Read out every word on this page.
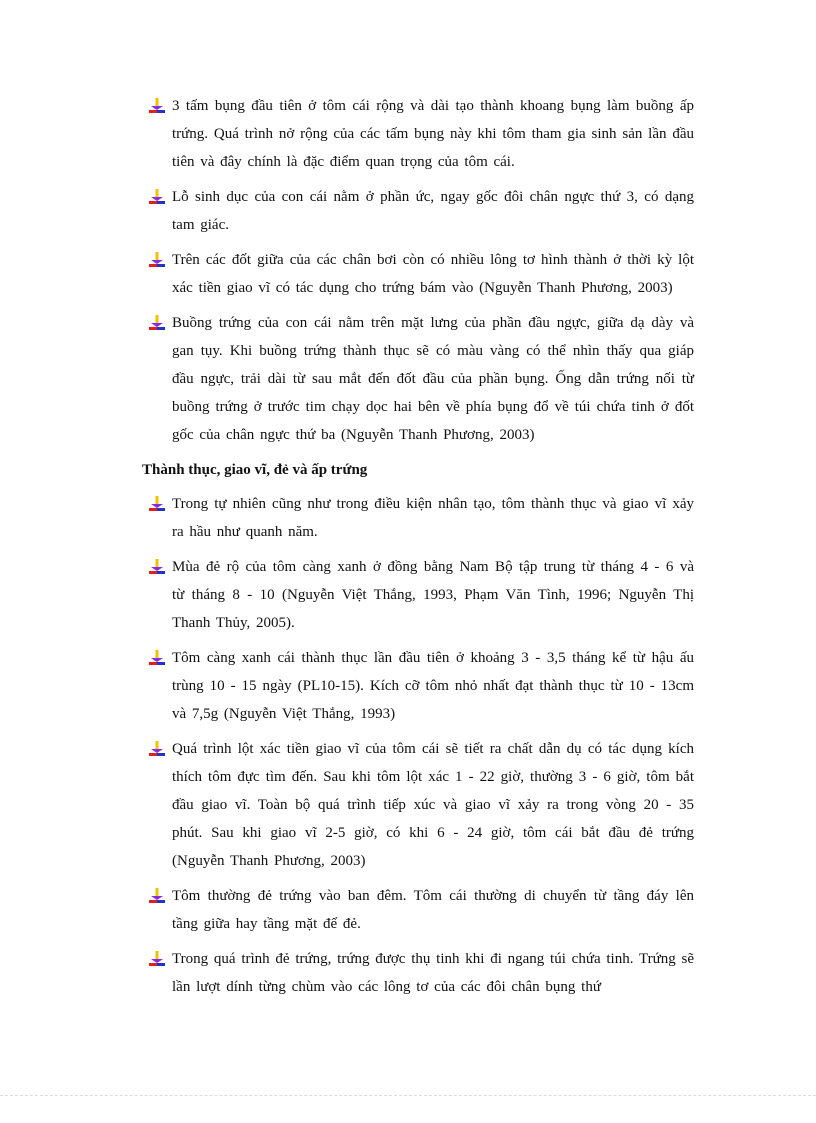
3 tấm bụng đầu tiên ở tôm cái rộng và dài tạo thành khoang bụng làm buồng ấp trứng. Quá trình nở rộng của các tấm bụng này khi tôm tham gia sinh sản lần đầu tiên và đây chính là đặc điểm quan trọng của tôm cái.
Lỗ sinh dục của con cái nằm ở phần ức, ngay gốc đôi chân ngực thứ 3, có dạng tam giác.
Trên các đốt giữa của các chân bơi còn có nhiều lông tơ hình thành ở thời kỳ lột xác tiền giao vĩ có tác dụng cho trứng bám vào (Nguyễn Thanh Phương, 2003)
Buồng trứng của con cái nằm trên mặt lưng của phần đầu ngực, giữa dạ dày và gan tụy. Khi buồng trứng thành thục sẽ có màu vàng có thể nhìn thấy qua giáp đầu ngực, trải dài từ sau mắt đến đốt đầu của phần bụng. Ống dẫn trứng nối từ buồng trứng ở trước tim chạy dọc hai bên về phía bụng đổ về túi chứa tinh ở đốt gốc của chân ngực thứ ba (Nguyễn Thanh Phương, 2003)
Thành thục, giao vĩ, đẻ và ấp trứng
Trong tự nhiên cũng như trong điều kiện nhân tạo, tôm thành thục và giao vĩ xảy ra hầu như quanh năm.
Mùa đẻ rộ của tôm càng xanh ở đồng bằng Nam Bộ tập trung từ tháng 4 - 6 và từ tháng 8 - 10 (Nguyễn Việt Thắng, 1993, Phạm Văn Tình, 1996; Nguyễn Thị Thanh Thủy, 2005).
Tôm càng xanh cái thành thục lần đầu tiên ở khoảng 3 - 3,5 tháng kể từ hậu ấu trùng 10 - 15 ngày (PL10-15). Kích cỡ tôm nhỏ nhất đạt thành thục từ 10 - 13cm và 7,5g (Nguyễn Việt Thắng, 1993)
Quá trình lột xác tiền giao vĩ của tôm cái sẽ tiết ra chất dẫn dụ có tác dụng kích thích tôm đực tìm đến. Sau khi tôm lột xác 1 - 22 giờ, thường 3 - 6 giờ, tôm bắt đầu giao vĩ. Toàn bộ quá trình tiếp xúc và giao vĩ xảy ra trong vòng 20 - 35 phút. Sau khi giao vĩ 2-5 giờ, có khi 6 - 24 giờ, tôm cái bắt đầu đẻ trứng (Nguyễn Thanh Phương, 2003)
Tôm thường đẻ trứng vào ban đêm. Tôm cái thường di chuyển từ tầng đáy lên tầng giữa hay tầng mặt để đẻ.
Trong quá trình đẻ trứng, trứng được thụ tinh khi đi ngang túi chứa tinh. Trứng sẽ lần lượt dính từng chùm vào các lông tơ của các đôi chân bụng thứ
